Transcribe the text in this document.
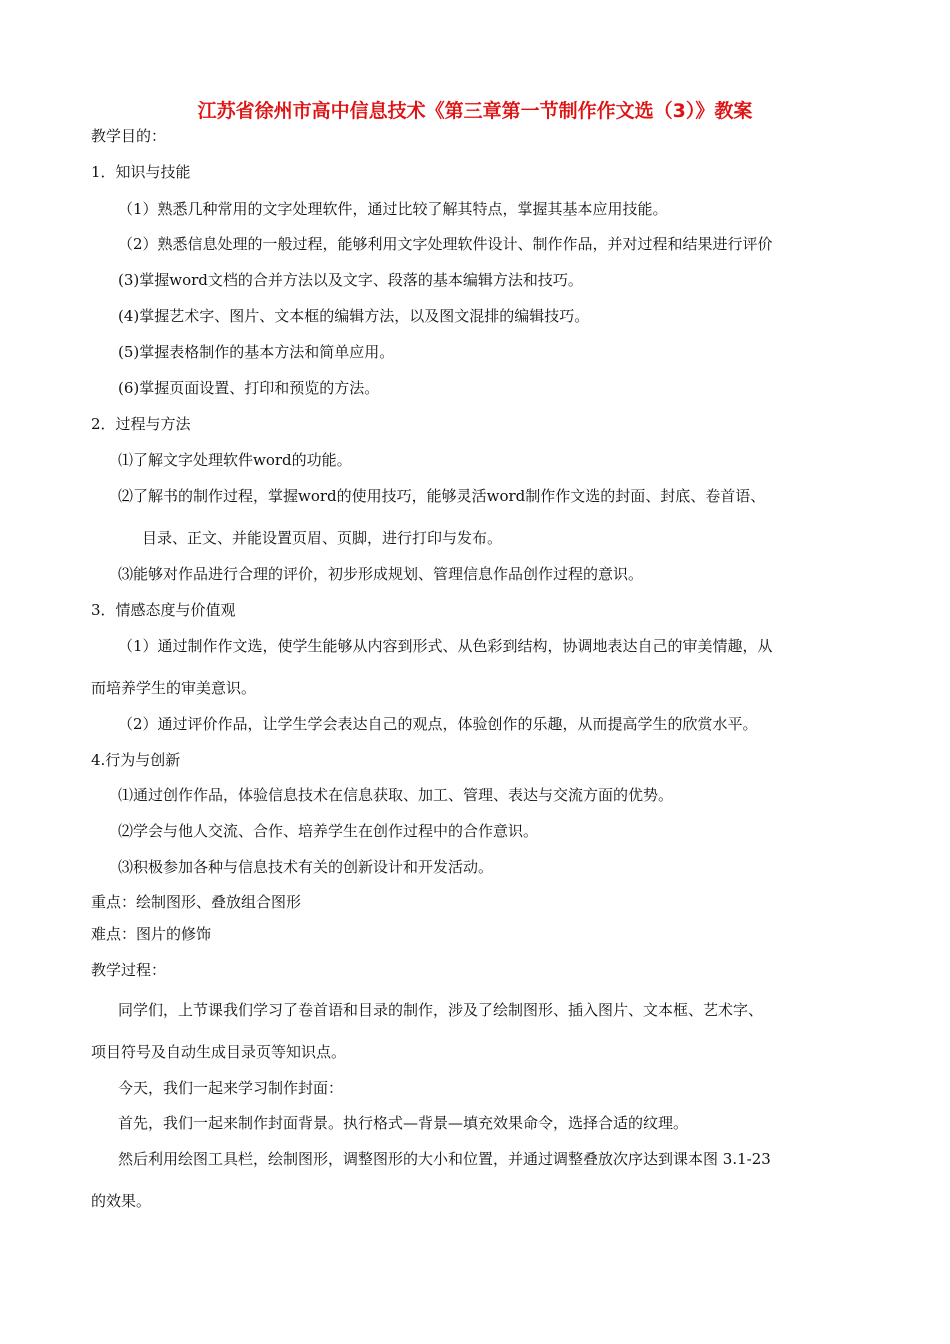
江苏省徐州市高中信息技术《第三章第一节制作作文选（3）》教案
教学目的：
1．知识与技能
（1）熟悉几种常用的文字处理软件，通过比较了解其特点，掌握其基本应用技能。
（2）熟悉信息处理的一般过程，能够利用文字处理软件设计、制作作品，并对过程和结果进行评价
(3)掌握word文档的合并方法以及文字、段落的基本编辑方法和技巧。
(4)掌握艺术字、图片、文本框的编辑方法，以及图文混排的编辑技巧。
(5)掌握表格制作的基本方法和简单应用。
(6)掌握页面设置、打印和预览的方法。
2．过程与方法
⑴了解文字处理软件word的功能。
⑵了解书的制作过程，掌握word的使用技巧，能够灵活word制作作文选的封面、封底、卷首语、
目录、正文、并能设置页眉、页脚，进行打印与发布。
⑶能够对作品进行合理的评价，初步形成规划、管理信息作品创作过程的意识。
3．情感态度与价值观
（1）通过制作作文选，使学生能够从内容到形式、从色彩到结构，协调地表达自己的审美情趣，从
而培养学生的审美意识。
（2）通过评价作品，让学生学会表达自己的观点，体验创作的乐趣，从而提高学生的欣赏水平。
4.行为与创新
⑴通过创作作品，体验信息技术在信息获取、加工、管理、表达与交流方面的优势。
⑵学会与他人交流、合作、培养学生在创作过程中的合作意识。
⑶积极参加各种与信息技术有关的创新设计和开发活动。
重点：绘制图形、叠放组合图形
难点：图片的修饰
教学过程：
同学们，上节课我们学习了卷首语和目录的制作，涉及了绘制图形、插入图片、文本框、艺术字、
项目符号及自动生成目录页等知识点。
今天，我们一起来学习制作封面：
首先，我们一起来制作封面背景。执行格式—背景—填充效果命令，选择合适的纹理。
然后利用绘图工具栏，绘制图形，调整图形的大小和位置，并通过调整叠放次序达到课本图 3.1-23
的效果。
